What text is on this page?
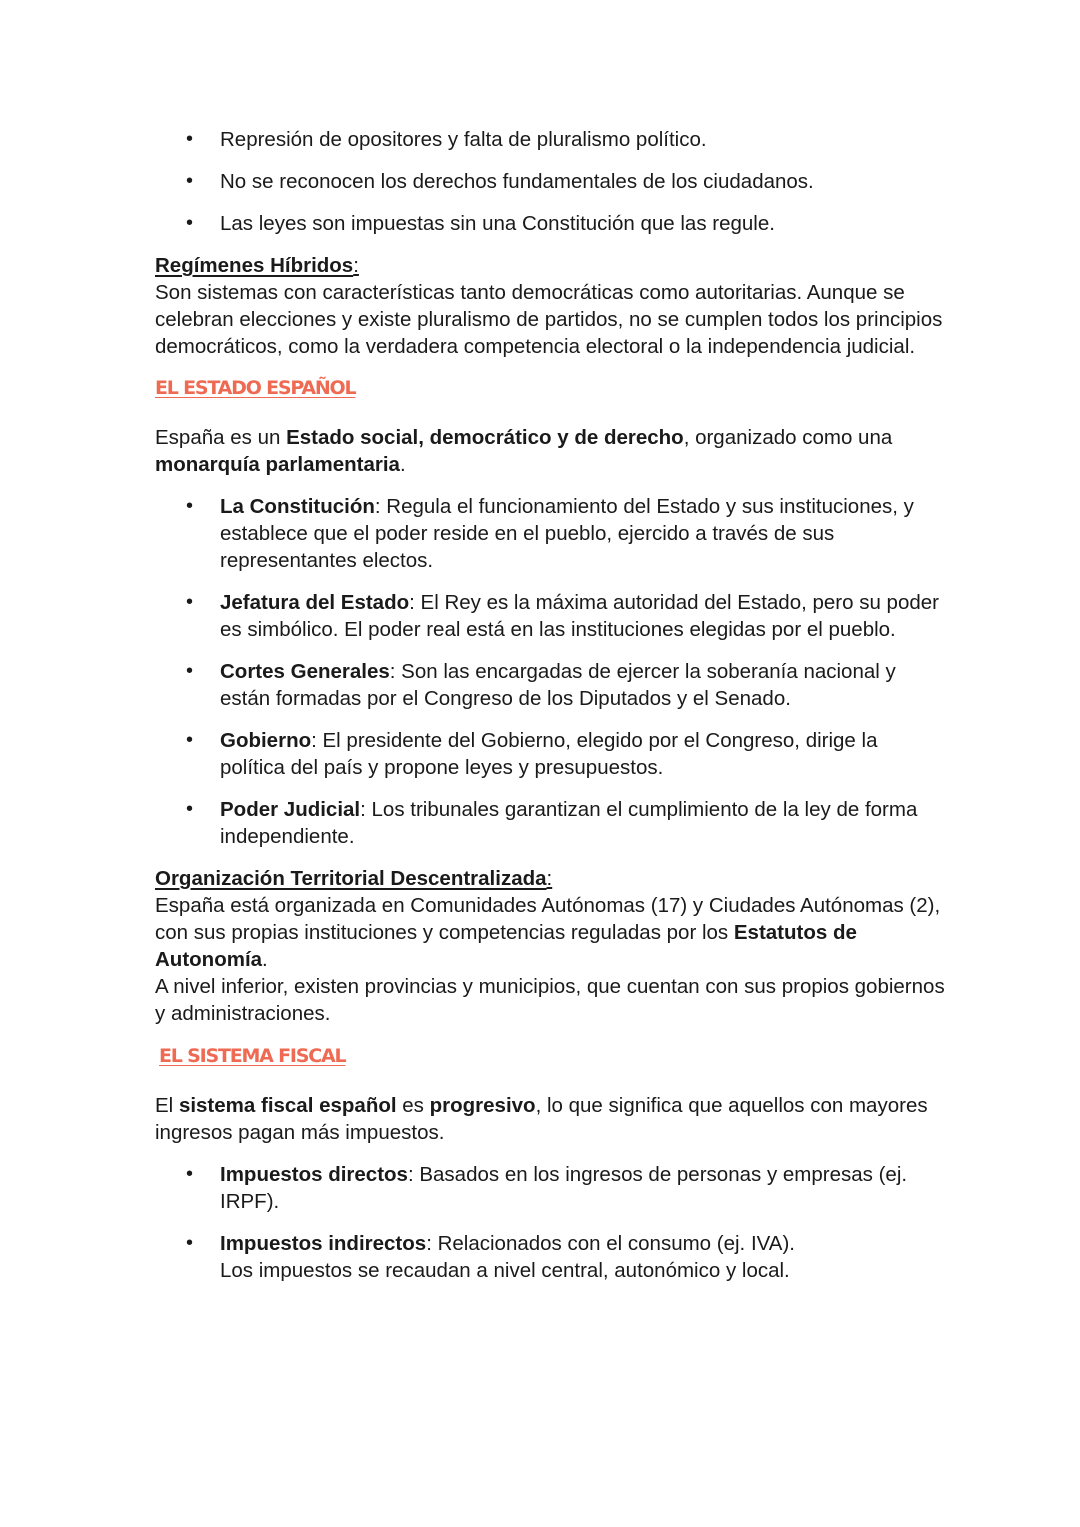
• Represión de opositores y falta de pluralismo político.
• No se reconocen los derechos fundamentales de los ciudadanos.
• Las leyes son impuestas sin una Constitución que las regule.

Regímenes Híbridos:

Son sistemas con características tanto democráticas como autoritarias. Aunque se celebran elecciones y existe pluralismo de partidos, no se cumplen todos los principios democráticos, como la verdadera competencia electoral o la independencia judicial.

EL ESTADO ESPAÑOL

España es un Estado social, democrático y de derecho, organizado como una monarquía parlamentaria.

• La Constitución: Regula el funcionamiento del Estado y sus instituciones, y establece que el poder reside en el pueblo, ejercido a través de sus representantes electos.
• Jefatura del Estado: El Rey es la máxima autoridad del Estado, pero su poder es simbólico. El poder real está en las instituciones elegidas por el pueblo.
• Cortes Generales: Son las encargadas de ejercer la soberanía nacional y están formadas por el Congreso de los Diputados y el Senado.
• Gobierno: El presidente del Gobierno, elegido por el Congreso, dirige la política del país y propone leyes y presupuestos.
• Poder Judicial: Los tribunales garantizan el cumplimiento de la ley de forma independiente.

Organización Territorial Descentralizada:

España está organizada en Comunidades Autónomas (17) y Ciudades Autónomas (2), con sus propias instituciones y competencias reguladas por los Estatutos de Autonomía.

A nivel inferior, existen provincias y municipios, que cuentan con sus propios gobiernos y administraciones.

EL SISTEMA FISCAL

El sistema fiscal español es progresivo, lo que significa que aquellos con mayores ingresos pagan más impuestos.

• Impuestos directos: Basados en los ingresos de personas y empresas (ej. IRPF).
• Impuestos indirectos: Relacionados con el consumo (ej. IVA).
Los impuestos se recaudan a nivel central, autonómico y local.
